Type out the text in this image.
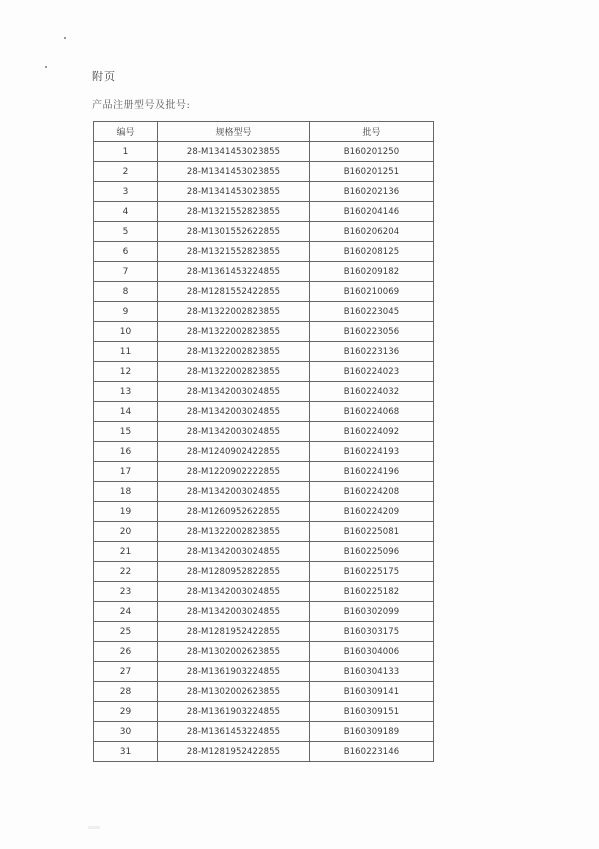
附页
产品注册型号及批号:
编号	规格型号	批号
1	28-M1341453023855	B160201250
2	28-M1341453023855	B160201251
3	28-M1341453023855	B160202136
4	28-M1321552823855	B160204146
5	28-M1301552622855	B160206204
6	28-M1321552823855	B160208125
7	28-M1361453224855	B160209182
8	28-M1281552422855	B160210069
9	28-M1322002823855	B160223045
10	28-M1322002823855	B160223056
11	28-M1322002823855	B160223136
12	28-M1322002823855	B160224023
13	28-M1342003024855	B160224032
14	28-M1342003024855	B160224068
15	28-M1342003024855	B160224092
16	28-M1240902422855	B160224193
17	28-M1220902222855	B160224196
18	28-M1342003024855	B160224208
19	28-M1260952622855	B160224209
20	28-M1322002823855	B160225081
21	28-M1342003024855	B160225096
22	28-M1280952822855	B160225175
23	28-M1342003024855	B160225182
24	28-M1342003024855	B160302099
25	28-M1281952422855	B160303175
26	28-M1302002623855	B160304006
27	28-M1361903224855	B160304133
28	28-M1302002623855	B160309141
29	28-M1361903224855	B160309151
30	28-M1361453224855	B160309189
31	28-M1281952422855	B160223146
